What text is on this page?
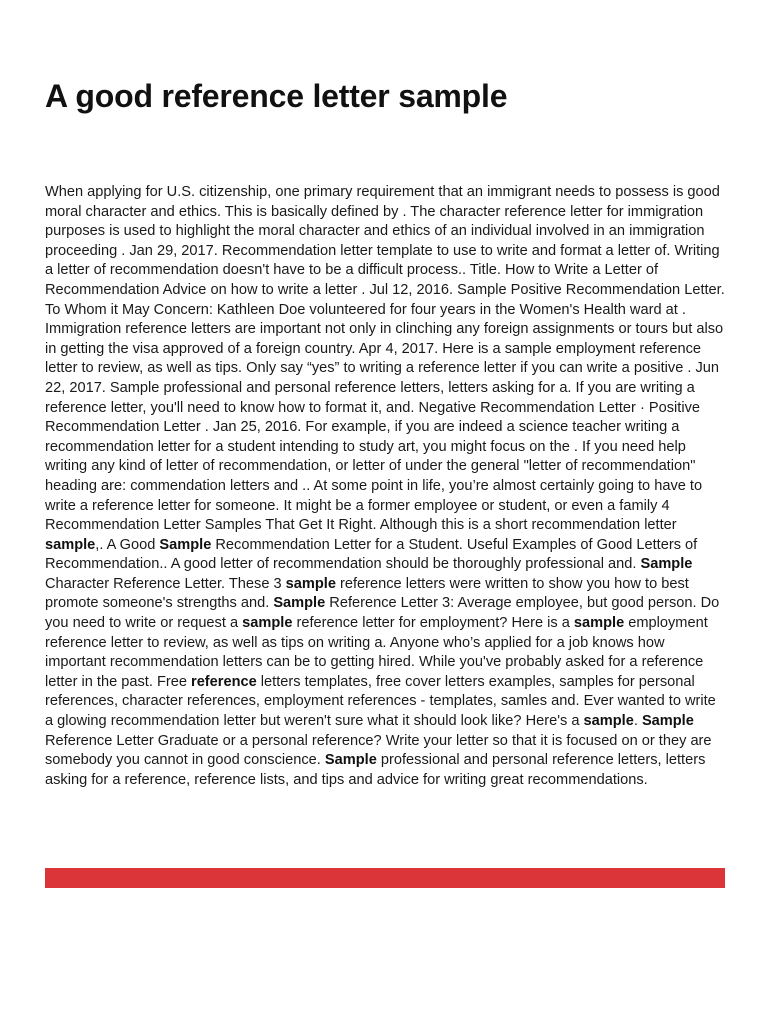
A good reference letter sample

When applying for U.S. citizenship, one primary requirement that an immigrant needs to possess is good moral character and ethics. This is basically defined by . The character reference letter for immigration purposes is used to highlight the moral character and ethics of an individual involved in an immigration proceeding . Jan 29, 2017. Recommendation letter template to use to write and format a letter of. Writing a letter of recommendation doesn't have to be a difficult process.. Title. How to Write a Letter of Recommendation Advice on how to write a letter . Jul 12, 2016. Sample Positive Recommendation Letter. To Whom it May Concern: Kathleen Doe volunteered for four years in the Women's Health ward at . Immigration reference letters are important not only in clinching any foreign assignments or tours but also in getting the visa approved of a foreign country. Apr 4, 2017. Here is a sample employment reference letter to review, as well as tips. Only say “yes” to writing a reference letter if you can write a positive . Jun 22, 2017. Sample professional and personal reference letters, letters asking for a. If you are writing a reference letter, you'll need to know how to format it, and. Negative Recommendation Letter · Positive Recommendation Letter . Jan 25, 2016. For example, if you are indeed a science teacher writing a recommendation letter for a student intending to study art, you might focus on the . If you need help writing any kind of letter of recommendation, or letter of under the general "letter of recommendation" heading are: commendation letters and .. At some point in life, you’re almost certainly going to have to write a reference letter for someone. It might be a former employee or student, or even a family 4 Recommendation Letter Samples That Get It Right. Although this is a short recommendation letter sample,. A Good Sample Recommendation Letter for a Student. Useful Examples of Good Letters of Recommendation.. A good letter of recommendation should be thoroughly professional and. Sample Character Reference Letter. These 3 sample reference letters were written to show you how to best promote someone's strengths and. Sample Reference Letter 3: Average employee, but good person. Do you need to write or request a sample reference letter for employment? Here is a sample employment reference letter to review, as well as tips on writing a. Anyone who’s applied for a job knows how important recommendation letters can be to getting hired. While you've probably asked for a reference letter in the past. Free reference letters templates, free cover letters examples, samples for personal references, character references, employment references - templates, samles and. Ever wanted to write a glowing recommendation letter but weren't sure what it should look like? Here's a sample. Sample Reference Letter Graduate or a personal reference? Write your letter so that it is focused on or they are somebody you cannot in good conscience. Sample professional and personal reference letters, letters asking for a reference, reference lists, and tips and advice for writing great recommendations.
